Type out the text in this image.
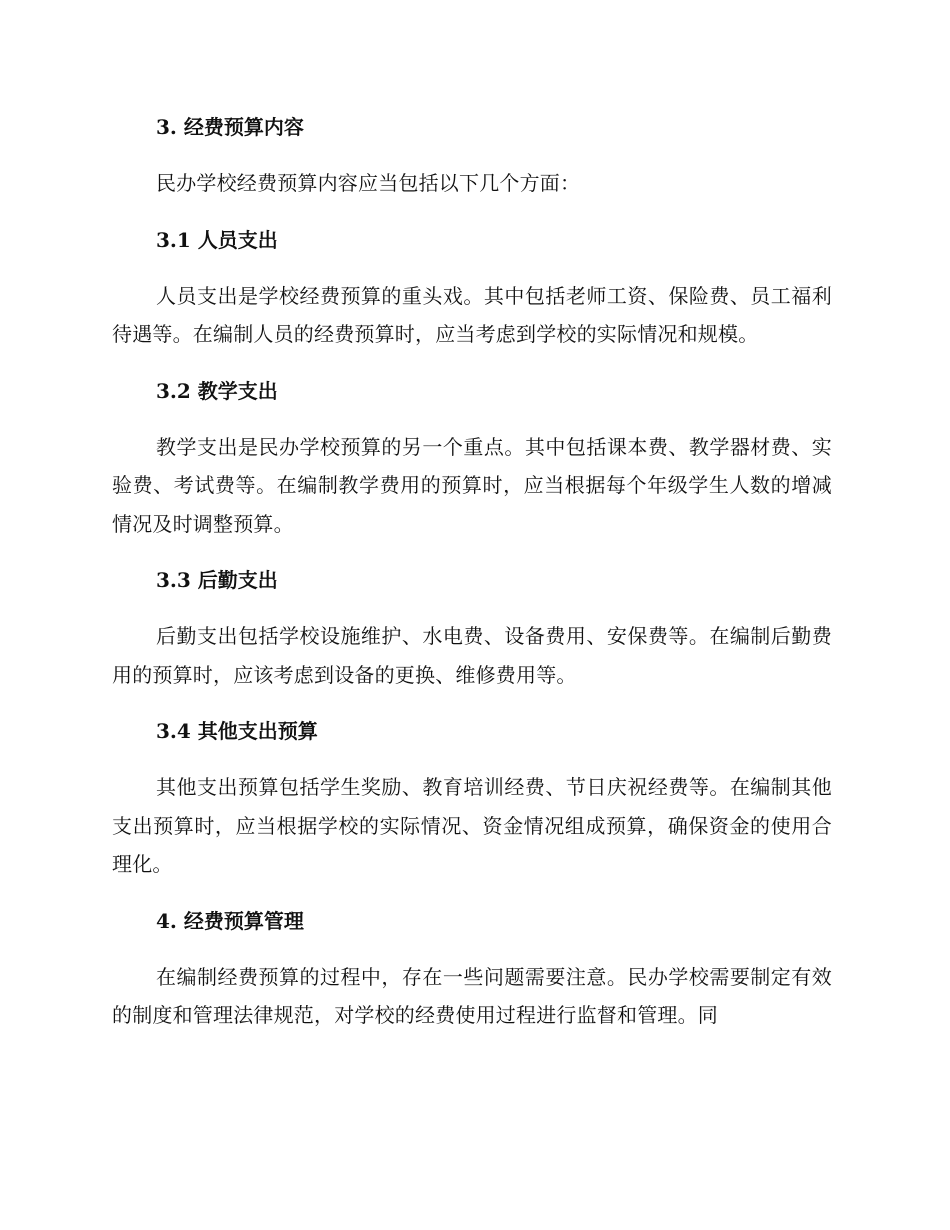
3. 经费预算内容

民办学校经费预算内容应当包括以下几个方面：

3.1 人员支出

人员支出是学校经费预算的重头戏。其中包括老师工资、保险费、员工福利待遇等。在编制人员的经费预算时，应当考虑到学校的实际情况和规模。

3.2 教学支出

教学支出是民办学校预算的另一个重点。其中包括课本费、教学器材费、实验费、考试费等。在编制教学费用的预算时，应当根据每个年级学生人数的增减情况及时调整预算。

3.3 后勤支出

后勤支出包括学校设施维护、水电费、设备费用、安保费等。在编制后勤费用的预算时，应该考虑到设备的更换、维修费用等。

3.4 其他支出预算

其他支出预算包括学生奖励、教育培训经费、节日庆祝经费等。在编制其他支出预算时，应当根据学校的实际情况、资金情况组成预算，确保资金的使用合理化。

4. 经费预算管理

在编制经费预算的过程中，存在一些问题需要注意。民办学校需要制定有效的制度和管理法律规范，对学校的经费使用过程进行监督和管理。同
